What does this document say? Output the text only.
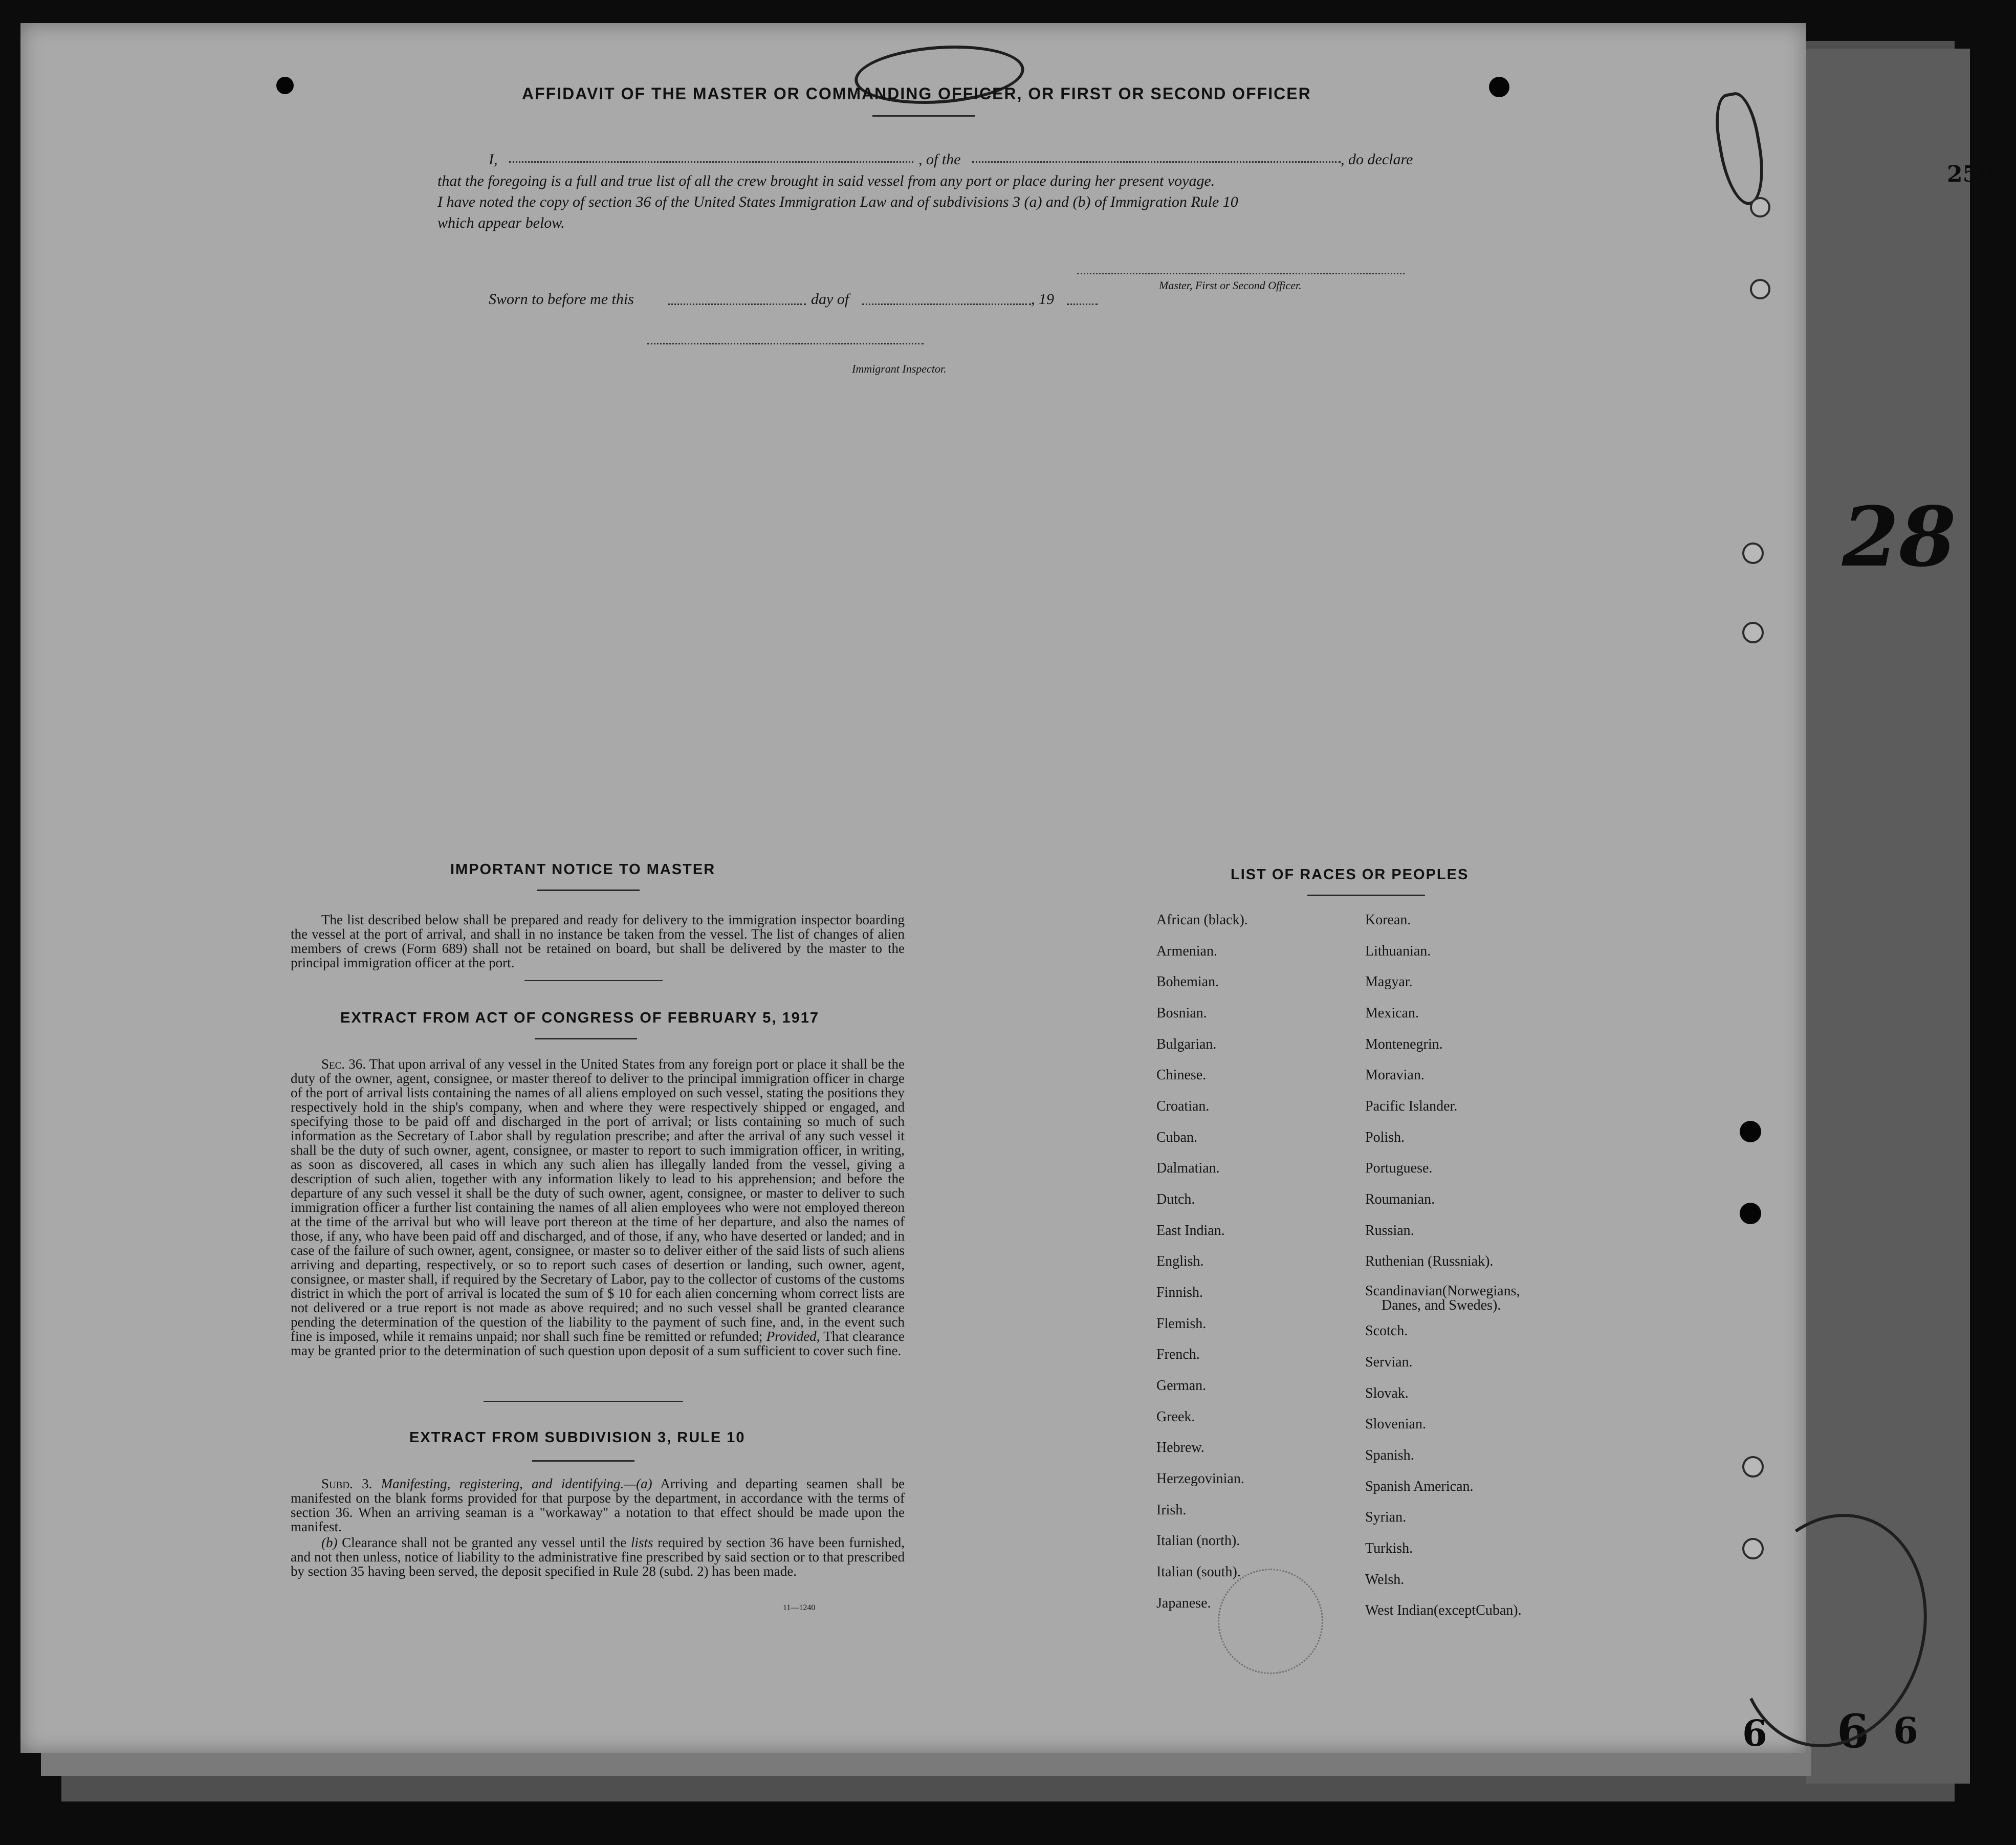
250
28
6 6
6
AFFIDAVIT OF THE MASTER OR COMMANDING OFFICER, OR FIRST OR SECOND OFFICER
I,	, of the	, do declare
that the foregoing is a full and true list of all the crew brought in said vessel from any port or place during her present voyage.
I have noted the copy of section 36 of the United States Immigration Law and of subdivisions 3 (a) and (b) of Immigration Rule 10
which appear below.
Master, First or Second Officer.
Sworn to before me this	day of	, 19
Immigrant Inspector.
IMPORTANT NOTICE TO MASTER
The list described below shall be prepared and ready for delivery to the immigration inspector boarding the vessel at the port of arrival, and shall in no instance be taken from the vessel. The list of changes of alien members of crews (Form 689) shall not be retained on board, but shall be delivered by the master to the principal immigration officer at the port.
EXTRACT FROM ACT OF CONGRESS OF FEBRUARY 5, 1917
Sec. 36. That upon arrival of any vessel in the United States from any foreign port or place it shall be the duty of the owner, agent, consignee, or master thereof to deliver to the principal immigration officer in charge of the port of arrival lists containing the names of all aliens employed on such vessel, stating the positions they respectively hold in the ship's company, when and where they were respectively shipped or engaged, and specifying those to be paid off and discharged in the port of arrival; or lists containing so much of such information as the Secretary of Labor shall by regulation prescribe; and after the arrival of any such vessel it shall be the duty of such owner, agent, consignee, or master to report to such immigration officer, in writing, as soon as discovered, all cases in which any such alien has illegally landed from the vessel, giving a description of such alien, together with any information likely to lead to his apprehension; and before the departure of any such vessel it shall be the duty of such owner, agent, consignee, or master to deliver to such immigration officer a further list containing the names of all alien employees who were not employed thereon at the time of the arrival but who will leave port thereon at the time of her departure, and also the names of those, if any, who have been paid off and discharged, and of those, if any, who have deserted or landed; and in case of the failure of such owner, agent, consignee, or master so to deliver either of the said lists of such aliens arriving and departing, respectively, or so to report such cases of desertion or landing, such owner, agent, consignee, or master shall, if required by the Secretary of Labor, pay to the collector of customs of the customs district in which the port of arrival is located the sum of $ 10 for each alien concerning whom correct lists are not delivered or a true report is not made as above required; and no such vessel shall be granted clearance pending the determination of the question of the liability to the payment of such fine, and, in the event such fine is imposed, while it remains unpaid; nor shall such fine be remitted or refunded; Provided, That clearance may be granted prior to the determination of such question upon deposit of a sum sufficient to cover such fine.
EXTRACT FROM SUBDIVISION 3, RULE 10
Subd. 3. Manifesting, registering, and identifying.—(a) Arriving and departing seamen shall be manifested on the blank forms provided for that purpose by the department, in accordance with the terms of section 36. When an arriving seaman is a "workaway" a notation to that effect should be made upon the manifest.
(b) Clearance shall not be granted any vessel until the lists required by section 36 have been furnished, and not then unless, notice of liability to the administrative fine prescribed by said section or to that prescribed by section 35 having been served, the deposit specified in Rule 28 (subd. 2) has been made.
11—1240
LIST OF RACES OR PEOPLES
African (black).
Armenian.
Bohemian.
Bosnian.
Bulgarian.
Chinese.
Croatian.
Cuban.
Dalmatian.
Dutch.
East Indian.
English.
Finnish.
Flemish.
French.
German.
Greek.
Hebrew.
Herzegovinian.
Irish.
Italian (north).
Italian (south).
Japanese.
Korean.
Lithuanian.
Magyar.
Mexican.
Montenegrin.
Moravian.
Pacific Islander.
Polish.
Portuguese.
Roumanian.
Russian.
Ruthenian (Russniak).
Scandinavian(Norwegians,
Danes, and Swedes).
Scotch.
Servian.
Slovak.
Slovenian.
Spanish.
Spanish American.
Syrian.
Turkish.
Welsh.
West Indian(exceptCuban).
